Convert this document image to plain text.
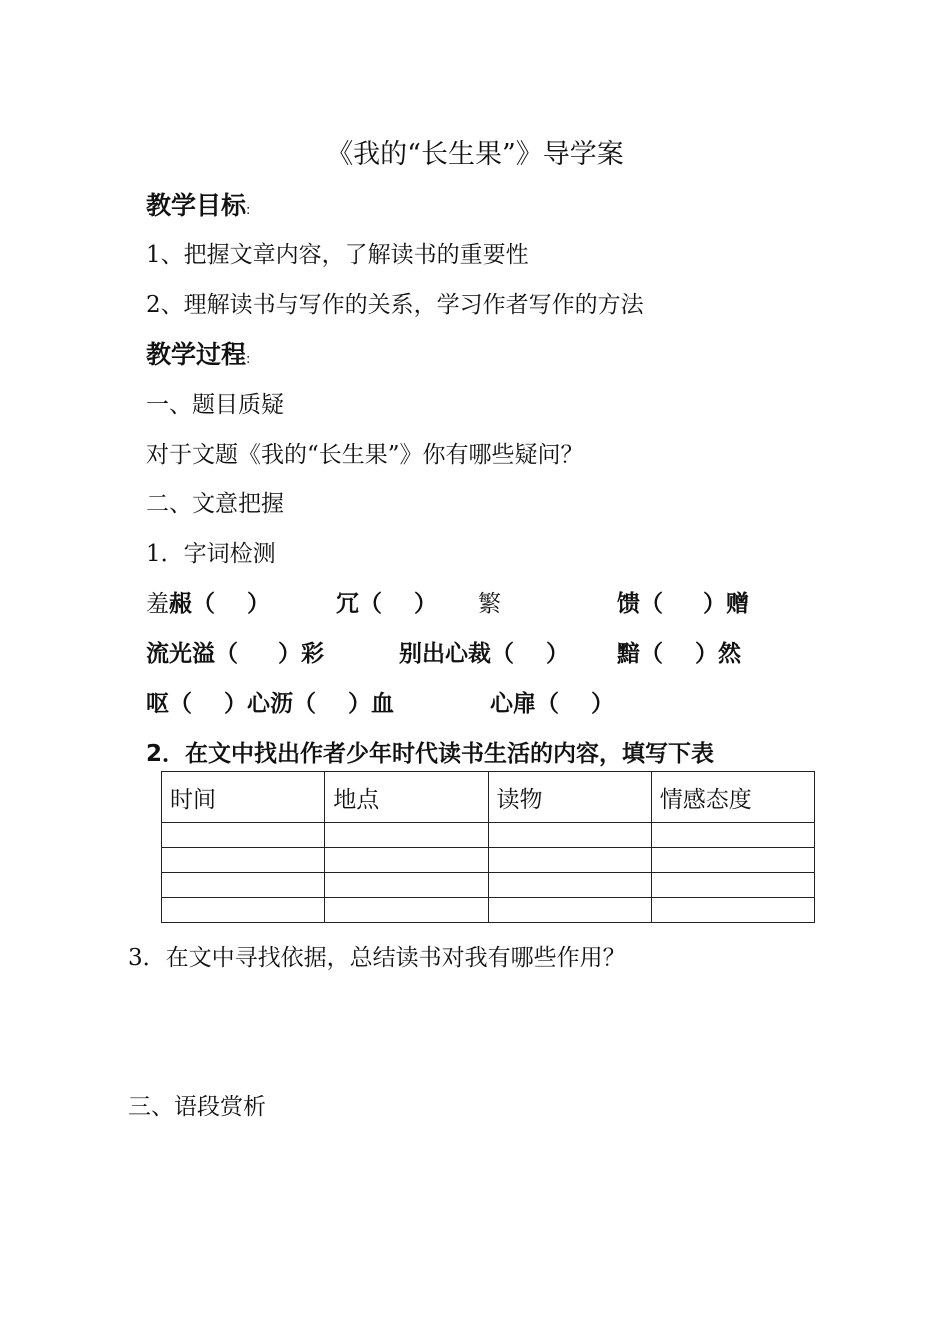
《我的“长生果”》导学案
教学目标:
1、把握文章内容，了解读书的重要性
2、理解读书与写作的关系，学习作者写作的方法
教学过程:
一、题目质疑
对于文题《我的“长生果”》你有哪些疑问？
二、文意把握
1．字词检测
羞赧（    ）	冗（    ） 繁	馈（     ）赠
流光溢（     ）彩	别出心裁（    ） 黯（    ）然
呕（    ）心沥（    ）血	心扉（    ）
2．在文中找出作者少年时代读书生活的内容，填写下表
时间	地点	读物	情感态度

3．在文中寻找依据，总结读书对我有哪些作用？
三、语段赏析
